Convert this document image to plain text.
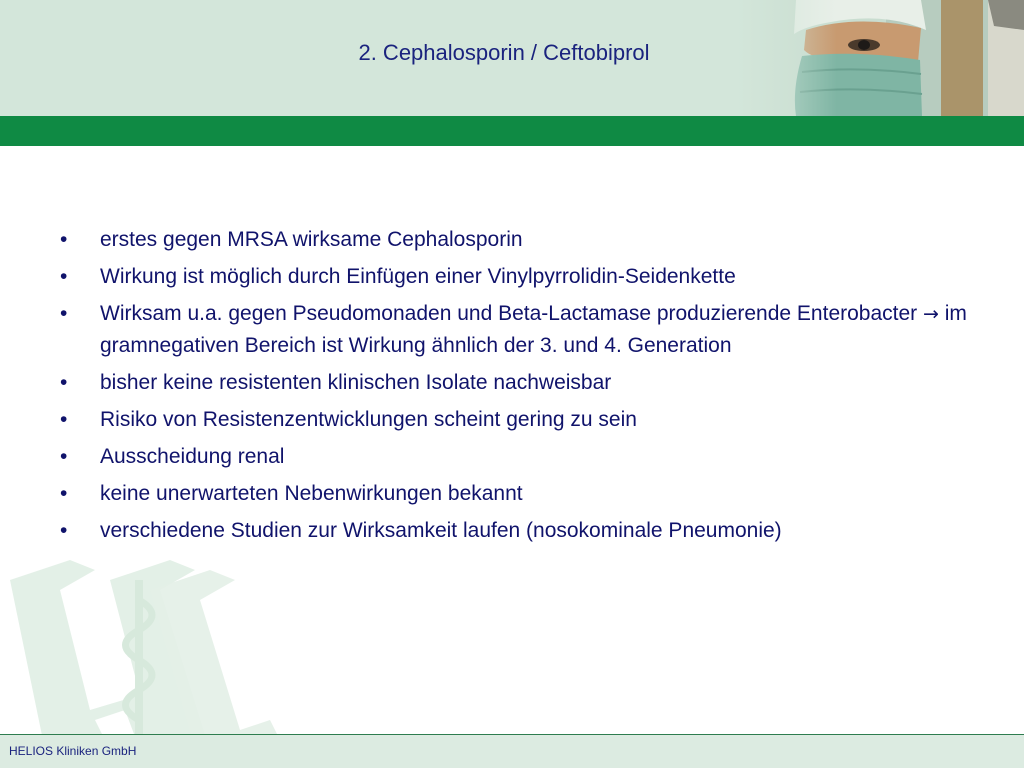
2. Cephalosporin / Ceftobiprol
• erstes gegen MRSA wirksame Cephalosporin
• Wirkung ist möglich durch Einfügen einer Vinylpyrrolidin-Seidenkette
• Wirksam u.a. gegen Pseudomonaden und Beta-Lactamase produzierende Enterobacter → im gramnegativen Bereich ist Wirkung ähnlich der 3. und 4. Generation
• bisher keine resistenten klinischen Isolate nachweisbar
• Risiko von Resistenzentwicklungen scheint gering zu sein
• Ausscheidung renal
• keine unerwarteten Nebenwirkungen bekannt
• verschiedene Studien zur Wirksamkeit laufen (nosokominale Pneumonie)
HELIOS Kliniken GmbH
